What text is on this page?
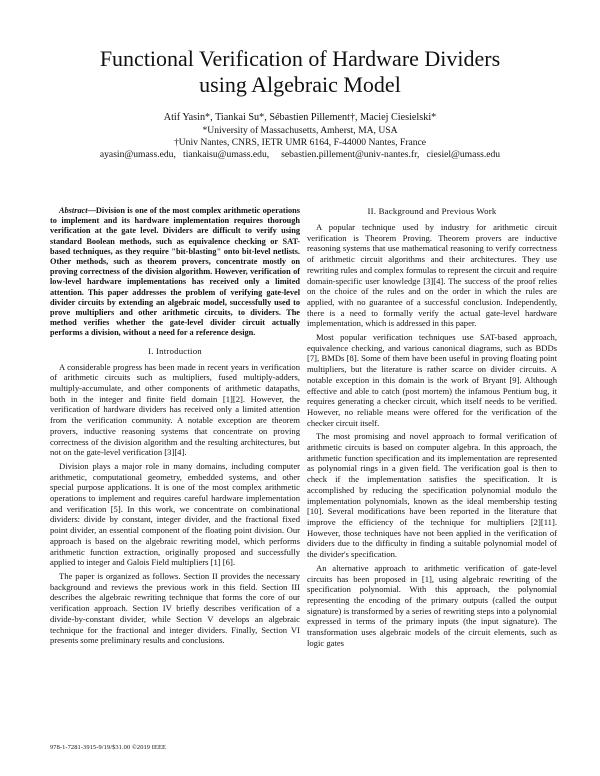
Functional Verification of Hardware Dividers
using Algebraic Model
Atif Yasin*, Tiankai Su*, Sébastien Pillement†, Maciej Ciesielski*
*University of Massachusetts, Amherst, MA, USA
†Univ Nantes, CNRS, IETR UMR 6164, F-44000 Nantes, France
ayasin@umass.edu,   tiankaisu@umass.edu,     sebastien.pillement@univ-nantes.fr,   ciesiel@umass.edu

Abstract—Division is one of the most complex arithmetic operations to implement and its hardware implementation requires thorough verification at the gate level. Dividers are difficult to verify using standard Boolean methods, such as equivalence checking or SAT-based techniques, as they require "bit-blasting" onto bit-level netlists. Other methods, such as theorem provers, concentrate mostly on proving correctness of the division algorithm. However, verification of low-level hardware implementations has received only a limited attention. This paper addresses the problem of verifying gate-level divider circuits by extending an algebraic model, successfully used to prove multipliers and other arithmetic circuits, to dividers. The method verifies whether the gate-level divider circuit actually performs a division, without a need for a reference design.

I. Introduction

A considerable progress has been made in recent years in verification of arithmetic circuits such as multipliers, fused multiply-adders, multiply-accumulate, and other components of arithmetic datapaths, both in the integer and finite field domain [1][2]. However, the verification of hardware dividers has received only a limited attention from the verification community. A notable exception are theorem provers, inductive reasoning systems that concentrate on proving correctness of the division algorithm and the resulting architectures, but not on the gate-level verification [3][4].

Division plays a major role in many domains, including computer arithmetic, computational geometry, embedded systems, and other special purpose applications. It is one of the most complex arithmetic operations to implement and requires careful hardware implementation and verification [5]. In this work, we concentrate on combinational dividers: divide by constant, integer divider, and the fractional fixed point divider, an essential component of the floating point division. Our approach is based on the algebraic rewriting model, which performs arithmetic function extraction, originally proposed and successfully applied to integer and Galois Field multipliers [1] [6].

The paper is organized as follows. Section II provides the necessary background and reviews the previous work in this field. Section III describes the algebraic rewriting technique that forms the core of our verification approach. Section IV briefly describes verification of a divide-by-constant divider, while Section V develops an algebraic technique for the fractional and integer dividers. Finally, Section VI presents some preliminary results and conclusions.

II. Background and Previous Work

A popular technique used by industry for arithmetic circuit verification is Theorem Proving. Theorem provers are inductive reasoning systems that use mathematical reasoning to verify correctness of arithmetic circuit algorithms and their architectures. They use rewriting rules and complex formulas to represent the circuit and require domain-specific user knowledge [3][4]. The success of the proof relies on the choice of the rules and on the order in which the rules are applied, with no guarantee of a successful conclusion. Independently, there is a need to formally verify the actual gate-level hardware implementation, which is addressed in this paper.

Most popular verification techniques use SAT-based approach, equivalence checking, and various canonical diagrams, such as BDDs [7], BMDs [8]. Some of them have been useful in proving floating point multipliers, but the literature is rather scarce on divider circuits. A notable exception in this domain is the work of Bryant [9]. Although effective and able to catch (post mortem) the infamous Pentium bug, it requires generating a checker circuit, which itself needs to be verified. However, no reliable means were offered for the verification of the checker circuit itself.

The most promising and novel approach to formal verification of arithmetic circuits is based on computer algebra. In this approach, the arithmetic function specification and its implementation are represented as polynomial rings in a given field. The verification goal is then to check if the implementation satisfies the specification. It is accomplished by reducing the specification polynomial modulo the implementation polynomials, known as the ideal membership testing [10]. Several modifications have been reported in the literature that improve the efficiency of the technique for multipliers [2][11]. However, those techniques have not been applied in the verification of dividers due to the difficulty in finding a suitable polynomial model of the divider's specification.

An alternative approach to arithmetic verification of gate-level circuits has been proposed in [1], using algebraic rewriting of the specification polynomial. With this approach, the polynomial representing the encoding of the primary outputs (called the output signature) is transformed by a series of rewriting steps into a polynomial expressed in terms of the primary inputs (the input signature). The transformation uses algebraic models of the circuit elements, such as logic gates

978-1-7281-3915-9/19/$31.00 ©2019 IEEE
